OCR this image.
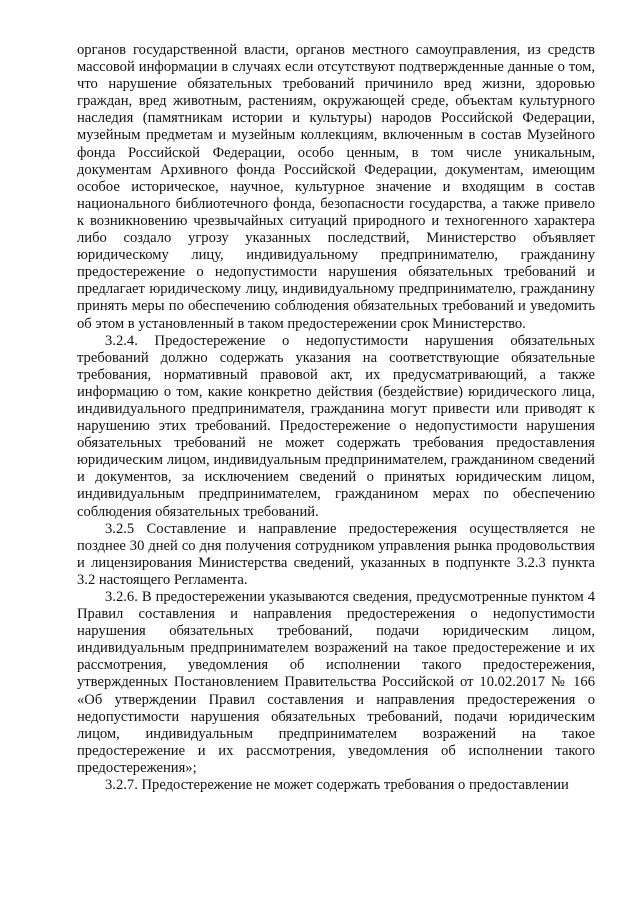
органов государственной власти, органов местного самоуправления, из средств массовой информации в случаях если отсутствуют подтвержденные данные о том, что нарушение обязательных требований причинило вред жизни, здоровью граждан, вред животным, растениям, окружающей среде, объектам культурного наследия (памятникам истории и культуры) народов Российской Федерации, музейным предметам и музейным коллекциям, включенным в состав Музейного фонда Российской Федерации, особо ценным, в том числе уникальным, документам Архивного фонда Российской Федерации, документам, имеющим особое историческое, научное, культурное значение и входящим в состав национального библиотечного фонда, безопасности государства, а также привело к возникновению чрезвычайных ситуаций природного и техногенного характера либо создало угрозу указанных последствий, Министерство объявляет юридическому лицу, индивидуальному предпринимателю, гражданину предостережение о недопустимости нарушения обязательных требований и предлагает юридическому лицу, индивидуальному предпринимателю, гражданину принять меры по обеспечению соблюдения обязательных требований и уведомить об этом в установленный в таком предостережении срок Министерство.

3.2.4. Предостережение о недопустимости нарушения обязательных требований должно содержать указания на соответствующие обязательные требования, нормативный правовой акт, их предусматривающий, а также информацию о том, какие конкретно действия (бездействие) юридического лица, индивидуального предпринимателя, гражданина могут привести или приводят к нарушению этих требований. Предостережение о недопустимости нарушения обязательных требований не может содержать требования предоставления юридическим лицом, индивидуальным предпринимателем, гражданином сведений и документов, за исключением сведений о принятых юридическим лицом, индивидуальным предпринимателем, гражданином мерах по обеспечению соблюдения обязательных требований.

3.2.5 Составление и направление предостережения осуществляется не позднее 30 дней со дня получения сотрудником управления рынка продовольствия и лицензирования Министерства сведений, указанных в подпункте 3.2.3 пункта 3.2 настоящего Регламента.

3.2.6. В предостережении указываются сведения, предусмотренные пунктом 4 Правил составления и направления предостережения о недопустимости нарушения обязательных требований, подачи юридическим лицом, индивидуальным предпринимателем возражений на такое предостережение и их рассмотрения, уведомления об исполнении такого предостережения, утвержденных Постановлением Правительства Российской от 10.02.2017 № 166 «Об утверждении Правил составления и направления предостережения о недопустимости нарушения обязательных требований, подачи юридическим лицом, индивидуальным предпринимателем возражений на такое предостережение и их рассмотрения, уведомления об исполнении такого предостережения»;

3.2.7. Предостережение не может содержать требования о предоставлении
